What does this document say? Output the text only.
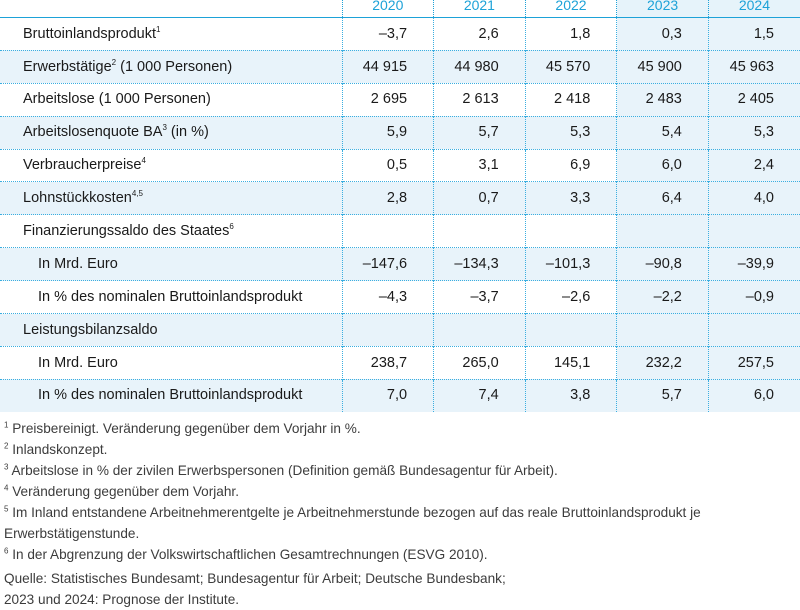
	2020	2021	2022	2023	2024
Bruttoinlandsprodukt$^1$	–3,7	2,6	1,8	0,3	1,5
Erwerbstätige$^2$ (1 000 Personen)	44 915	44 980	45 570	45 900	45 963
Arbeitslose (1 000 Personen)	2 695	2 613	2 418	2 483	2 405
Arbeitslosenquote $BA^3$ (in %)	5,9	5,7	5,3	5,4	5,3
Verbraucherpreise$^4$	0,5	3,1	6,9	6,0	2,4
Lohnstückkosten$^{4,5}$	2,8	0,7	3,3	6,4	4,0
Finanzierungssaldo des Staates$^6$					
In Mrd. Euro	–147,6	–134,3	–101,3	–90,8	–39,9
In % des nominalen Bruttoinlandsprodukt	–4,3	–3,7	–2,6	–2,2	–0,9
Leistungsbilanzsaldo					
In Mrd. Euro	238,7	265,0	145,1	232,2	257,5
In % des nominalen Bruttoinlandsprodukt	7,0	7,4	3,8	5,7	6,0

$^1$ Preisbereinigt. Veränderung gegenüber dem Vorjahr in %.

$^2$ Inlandskonzept.

$^3$ Arbeitslose in % der zivilen Erwerbspersonen (Definition gemäß Bundesagentur für Arbeit).

$^4$ Veränderung gegenüber dem Vorjahr.

$^5$ Im Inland entstandene Arbeitnehmerentgelte je Arbeitnehmerstunde bezogen auf das reale Bruttoinlandsprodukt je Erwerbstätigenstunde.

$^6$ In der Abgrenzung der Volkswirtschaftlichen Gesamtrechnungen (ESVG 2010).

Quelle: Statistisches Bundesamt; Bundesagentur für Arbeit; Deutsche Bundesbank;
2023 und 2024: Prognose der Institute.
